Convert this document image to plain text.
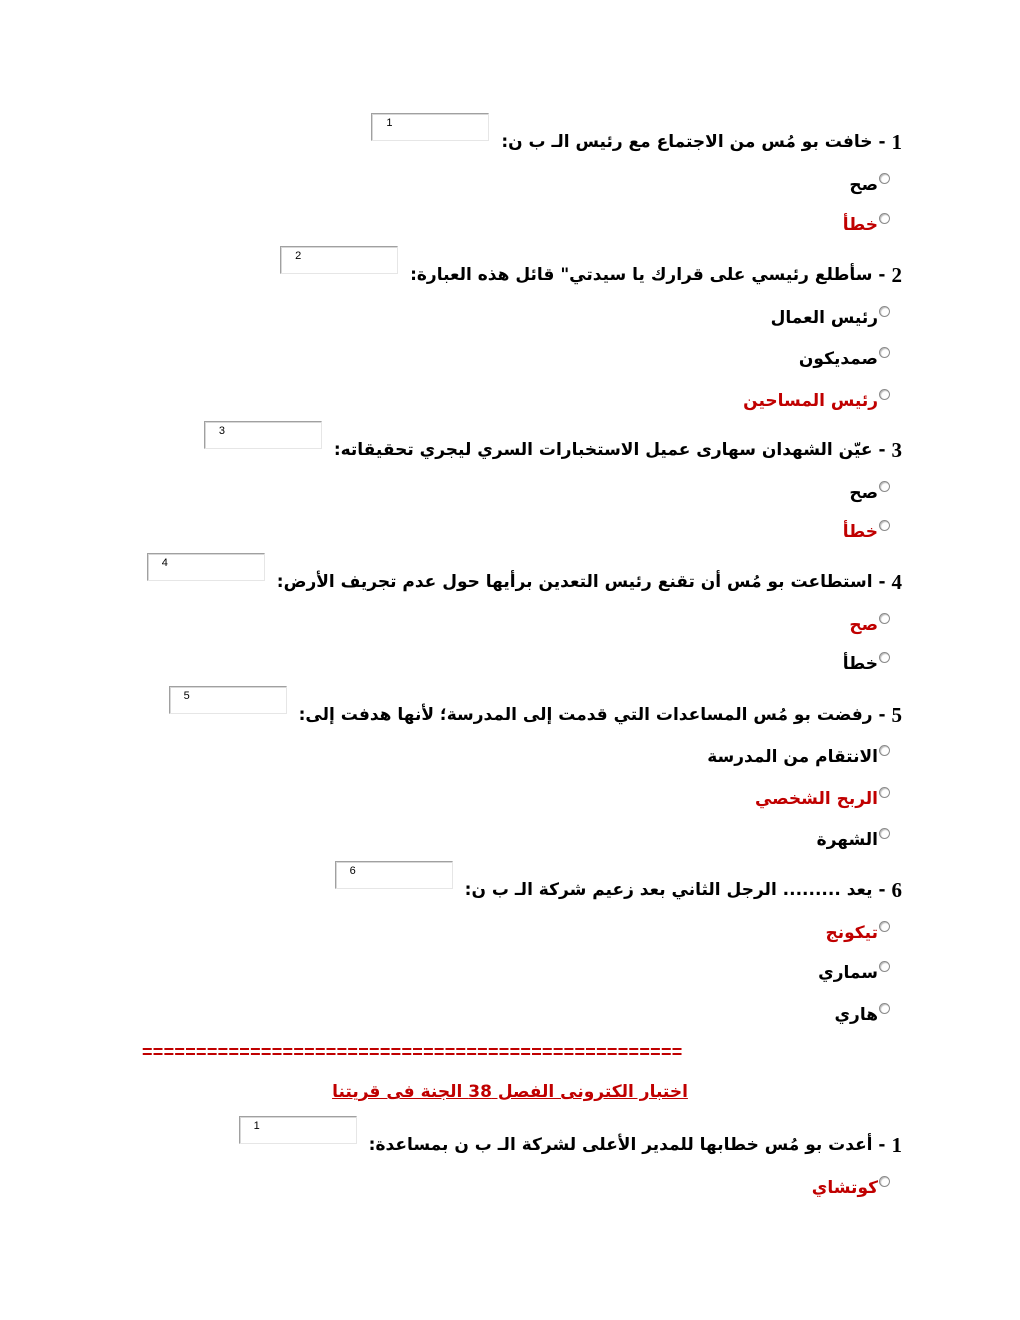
1
- خافت بو مُس من الاجتماع مع رئيس الـ ب ن:
1
صح
خطأ
2
- سأطلع رئيسي على قرارك يا سيدتي" قائل هذه العبارة:
2
رئيس العمال
صمديكون
رئيس المساحين
3
- عيّن الشهدان سهارى عميل الاستخبارات السري ليجري تحقيقاته:
3
صح
خطأ
4
- استطاعت بو مُس أن تقنع رئيس التعدين برأيها حول عدم تجريف الأرض:
4
صح
خطأ
5
- رفضت بو مُس المساعدات التي قدمت إلى المدرسة؛ لأنها هدفت إلى:
5
الانتقام من المدرسة
الربح الشخصي
الشهرة
6
- يعد ......... الرجل الثاني بعد زعيم شركة الـ ب ن:
6
تيكونج
سماري
هاري
==================================================
اختبار الكترونى الفصل 38 الجنة فى قريتنا
1
- أعدت بو مُس خطابها للمدير الأعلى لشركة الـ ب ن بمساعدة:
1
كوتشاي
